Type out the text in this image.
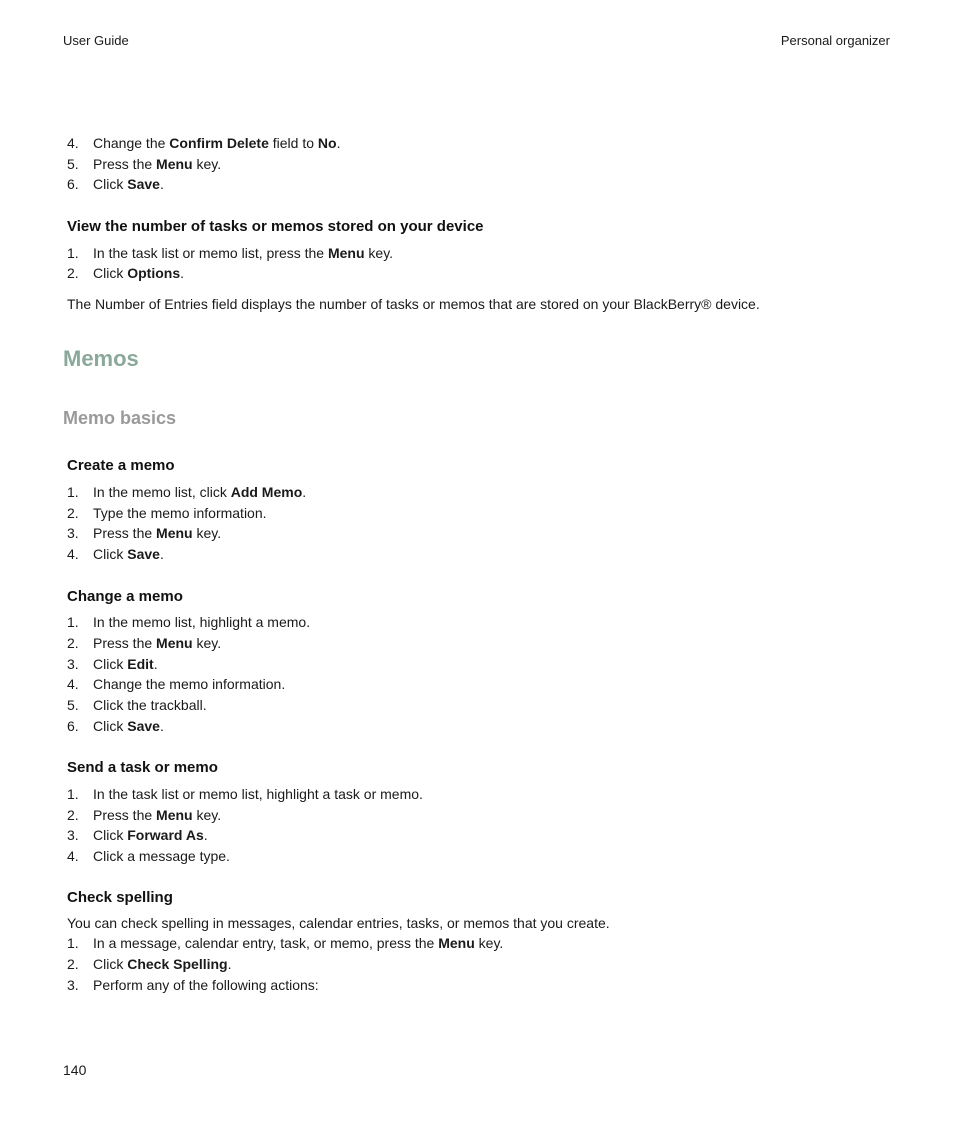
User Guide	Personal organizer
4. Change the Confirm Delete field to No.
5. Press the Menu key.
6. Click Save.
View the number of tasks or memos stored on your device
1. In the task list or memo list, press the Menu key.
2. Click Options.
The Number of Entries field displays the number of tasks or memos that are stored on your BlackBerry® device.
Memos
Memo basics
Create a memo
1. In the memo list, click Add Memo.
2. Type the memo information.
3. Press the Menu key.
4. Click Save.
Change a memo
1. In the memo list, highlight a memo.
2. Press the Menu key.
3. Click Edit.
4. Change the memo information.
5. Click the trackball.
6. Click Save.
Send a task or memo
1. In the task list or memo list, highlight a task or memo.
2. Press the Menu key.
3. Click Forward As.
4. Click a message type.
Check spelling
You can check spelling in messages, calendar entries, tasks, or memos that you create.
1. In a message, calendar entry, task, or memo, press the Menu key.
2. Click Check Spelling.
3. Perform any of the following actions:
140
